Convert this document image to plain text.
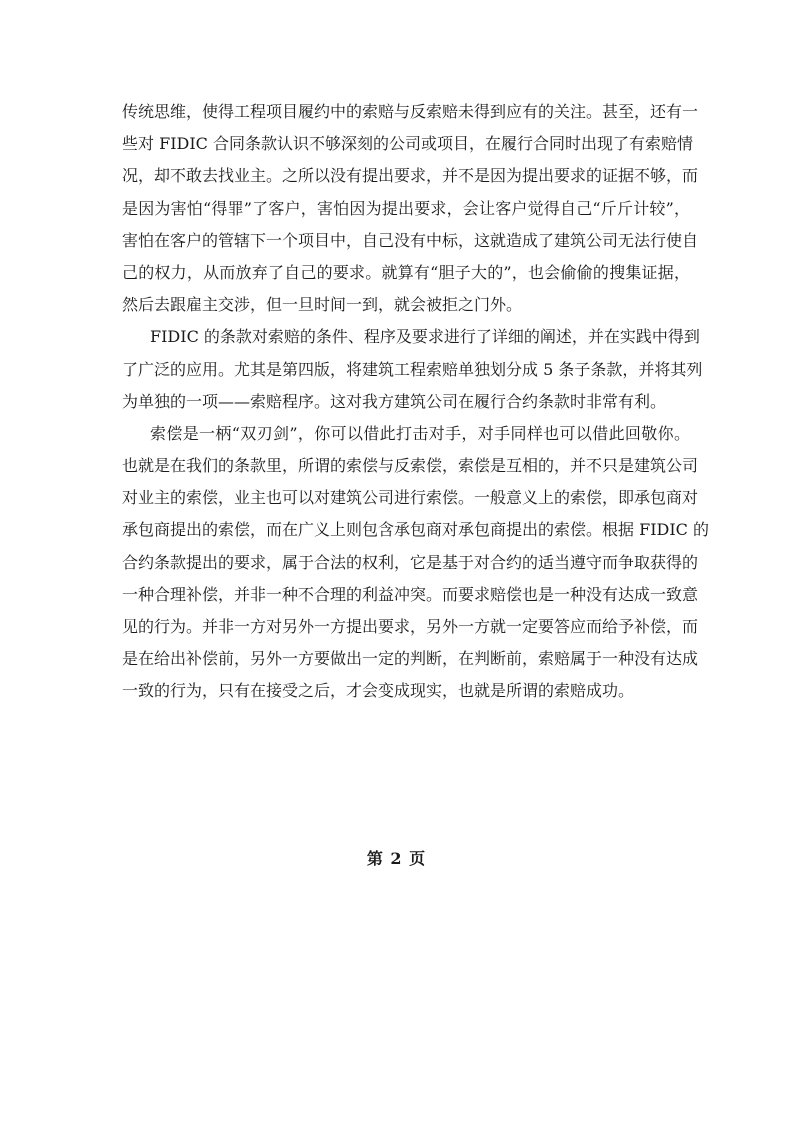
传统思维，使得工程项目履约中的索赔与反索赔未得到应有的关注。甚至，还有一
些对 FIDIC 合同条款认识不够深刻的公司或项目，在履行合同时出现了有索赔情
况，却不敢去找业主。之所以没有提出要求，并不是因为提出要求的证据不够，而
是因为害怕“得罪”了客户，害怕因为提出要求，会让客户觉得自己“斤斤计较”，
害怕在客户的管辖下一个项目中，自己没有中标，这就造成了建筑公司无法行使自
己的权力，从而放弃了自己的要求。就算有“胆子大的”，也会偷偷的搜集证据，
然后去跟雇主交涉，但一旦时间一到，就会被拒之门外。
FIDIC 的条款对索赔的条件、程序及要求进行了详细的阐述，并在实践中得到
了广泛的应用。尤其是第四版，将建筑工程索赔单独划分成 5 条子条款，并将其列
为单独的一项——索赔程序。这对我方建筑公司在履行合约条款时非常有利。
索偿是一柄“双刃剑”，你可以借此打击对手，对手同样也可以借此回敬你。
也就是在我们的条款里，所谓的索偿与反索偿，索偿是互相的，并不只是建筑公司
对业主的索偿，业主也可以对建筑公司进行索偿。一般意义上的索偿，即承包商对
承包商提出的索偿，而在广义上则包含承包商对承包商提出的索偿。根据 FIDIC 的
合约条款提出的要求，属于合法的权利，它是基于对合约的适当遵守而争取获得的
一种合理补偿，并非一种不合理的利益冲突。而要求赔偿也是一种没有达成一致意
见的行为。并非一方对另外一方提出要求，另外一方就一定要答应而给予补偿，而
是在给出补偿前，另外一方要做出一定的判断，在判断前，索赔属于一种没有达成
一致的行为，只有在接受之后，才会变成现实，也就是所谓的索赔成功。
第 2 页
